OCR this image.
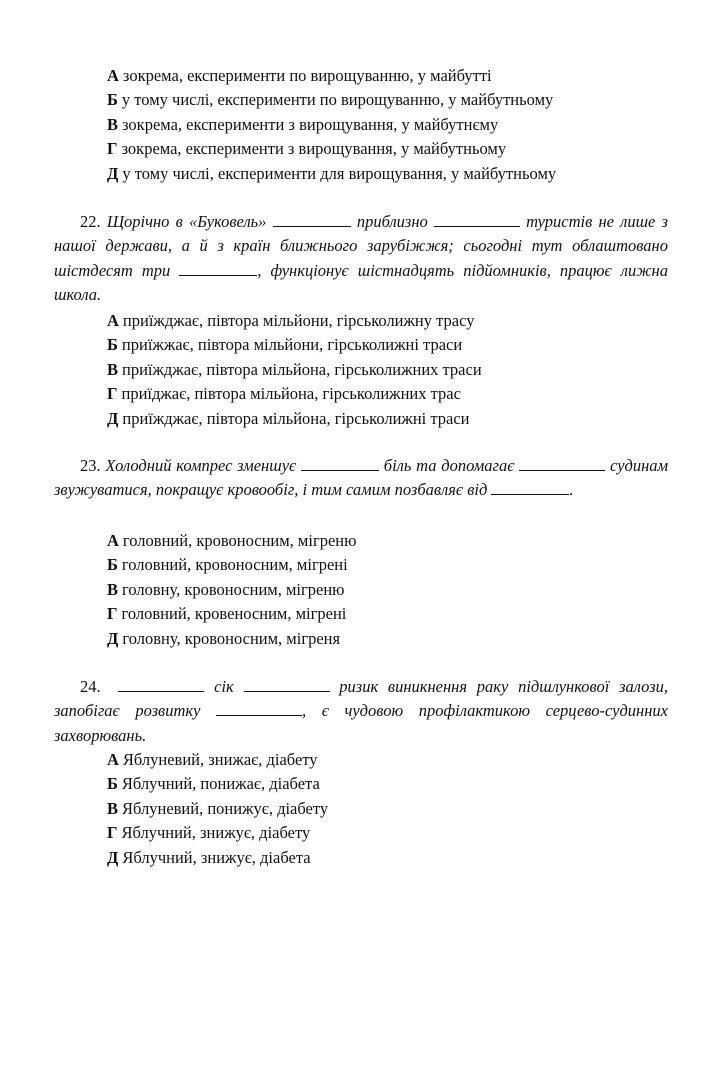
А зокрема, експерименти по вирощуванню, у майбутті
Б у тому числі, експерименти по вирощуванню, у майбутньому
В зокрема, експерименти з вирощування, у майбутнєму
Г зокрема, експерименти з вирощування, у майбутньому
Д у тому числі, експерименти для вирощування, у майбутньому
22. Щорічно в «Буковель»	приблизно	туристів не лише з нашої держави, а й з країн ближнього зарубіжжя; сьогодні тут облаштовано шістдесят три	, функціонує шістнадцять підйомників, працює лижна школа.
А приїжджає, півтора мільйони, гірськолижну трасу
Б приїжжає, півтора мільйони, гірськолижні траси
В приїжджає, півтора мільйона, гірськолижних траси
Г приїджає, півтора мільйона, гірськолижних трас
Д приїжджає, півтора мільйона, гірськолижні траси
23. Холодний компрес зменшує	біль та допомагає	судинам звужуватися, покращує кровообіг, і тим самим позбавляє від	.
А головний, кровоносним, мігреню
Б головний, кровоносним, мігрені
В головну, кровоносним, мігреню
Г головний, кровеносним, мігрені
Д головну, кровоносним, мігреня
24.	сік	ризик виникнення раку підшлункової залози, запобігає розвитку	, є чудовою профілактикою серцево-судинних захворювань.
А Яблуневий, знижає, діабету
Б Яблучний, понижає, діабета
В Яблуневий, понижує, діабету
Г Яблучний, знижує, діабету
Д Яблучний, знижує, діабета
